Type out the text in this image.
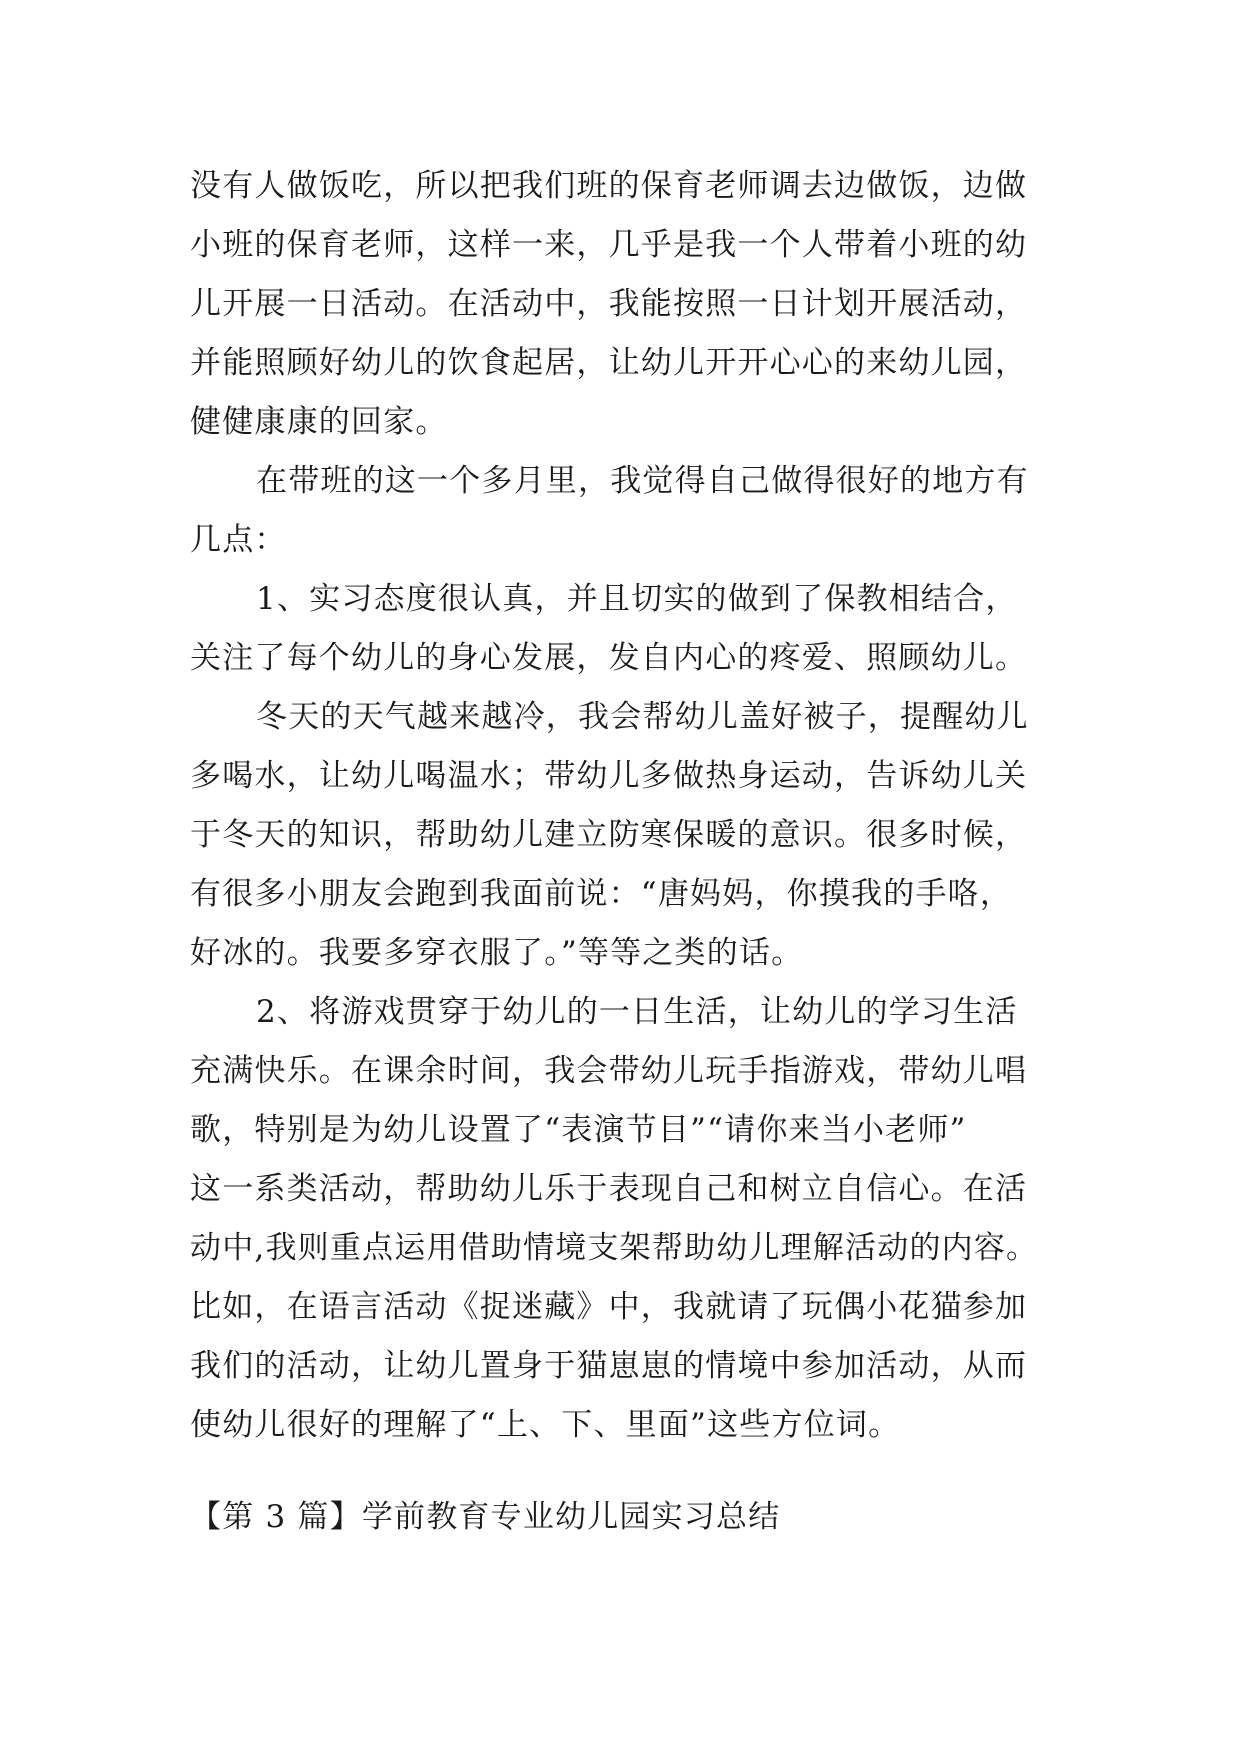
没有人做饭吃，所以把我们班的保育老师调去边做饭，边做
小班的保育老师，这样一来，几乎是我一个人带着小班的幼
儿开展一日活动。在活动中，我能按照一日计划开展活动，
并能照顾好幼儿的饮食起居，让幼儿开开心心的来幼儿园，
健健康康的回家。
在带班的这一个多月里，我觉得自己做得很好的地方有
几点：
1、实习态度很认真，并且切实的做到了保教相结合，
关注了每个幼儿的身心发展，发自内心的疼爱、照顾幼儿。
冬天的天气越来越冷，我会帮幼儿盖好被子，提醒幼儿
多喝水，让幼儿喝温水；带幼儿多做热身运动，告诉幼儿关
于冬天的知识，帮助幼儿建立防寒保暖的意识。很多时候，
有很多小朋友会跑到我面前说：“唐妈妈，你摸我的手咯，
好冰的。我要多穿衣服了。”等等之类的话。
2、将游戏贯穿于幼儿的一日生活，让幼儿的学习生活
充满快乐。在课余时间，我会带幼儿玩手指游戏，带幼儿唱
歌，特别是为幼儿设置了“表演节目”“请你来当小老师”
这一系类活动，帮助幼儿乐于表现自己和树立自信心。在活
动中,我则重点运用借助情境支架帮助幼儿理解活动的内容。
比如，在语言活动《捉迷藏》中，我就请了玩偶小花猫参加
我们的活动，让幼儿置身于猫崽崽的情境中参加活动，从而
使幼儿很好的理解了“上、下、里面”这些方位词。
【第 3 篇】学前教育专业幼儿园实习总结
